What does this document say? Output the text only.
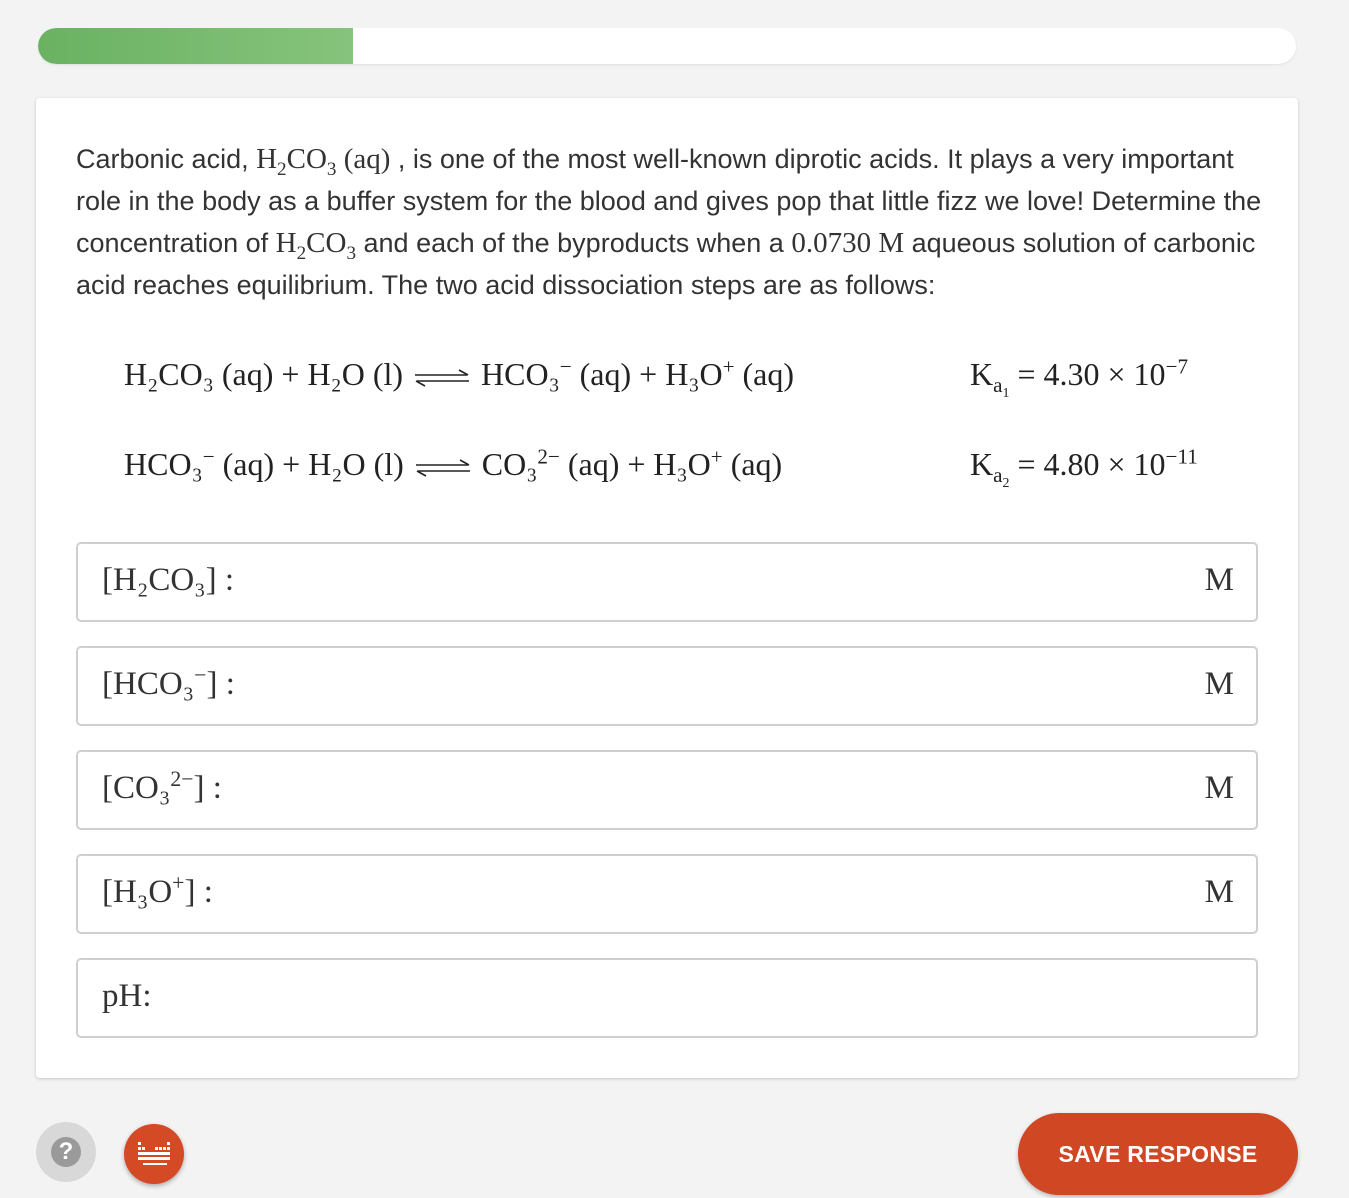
Carbonic acid, $H_2CO_3$ (aq) , is one of the most well-known diprotic acids. It plays a very important role in the body as a buffer system for the blood and gives pop that little fizz we love! Determine the concentration of $H_2CO_3$ and each of the byproducts when a 0.0730 M aqueous solution of carbonic acid reaches equilibrium. The two acid dissociation steps are as follows:
H₂CO₃ (aq) + H₂O (l) ⇌ HCO₃− (aq) + H₃O+ (aq)	$K_{a_1} = 4.30 \times 10^{-7}$
HCO₃− (aq) + H₂O (l) ⇌ CO₃$^{2-}$ (aq) + H₃O+ (aq)	$K_{a_2} = 4.80 \times 10^{-11}$
[H₂CO₃] :	M
[HCO₃−] :	M
[CO₃$^{2-}$] :	M
[H₃O+] :	M
pH:
?	SAVE RESPONSE
